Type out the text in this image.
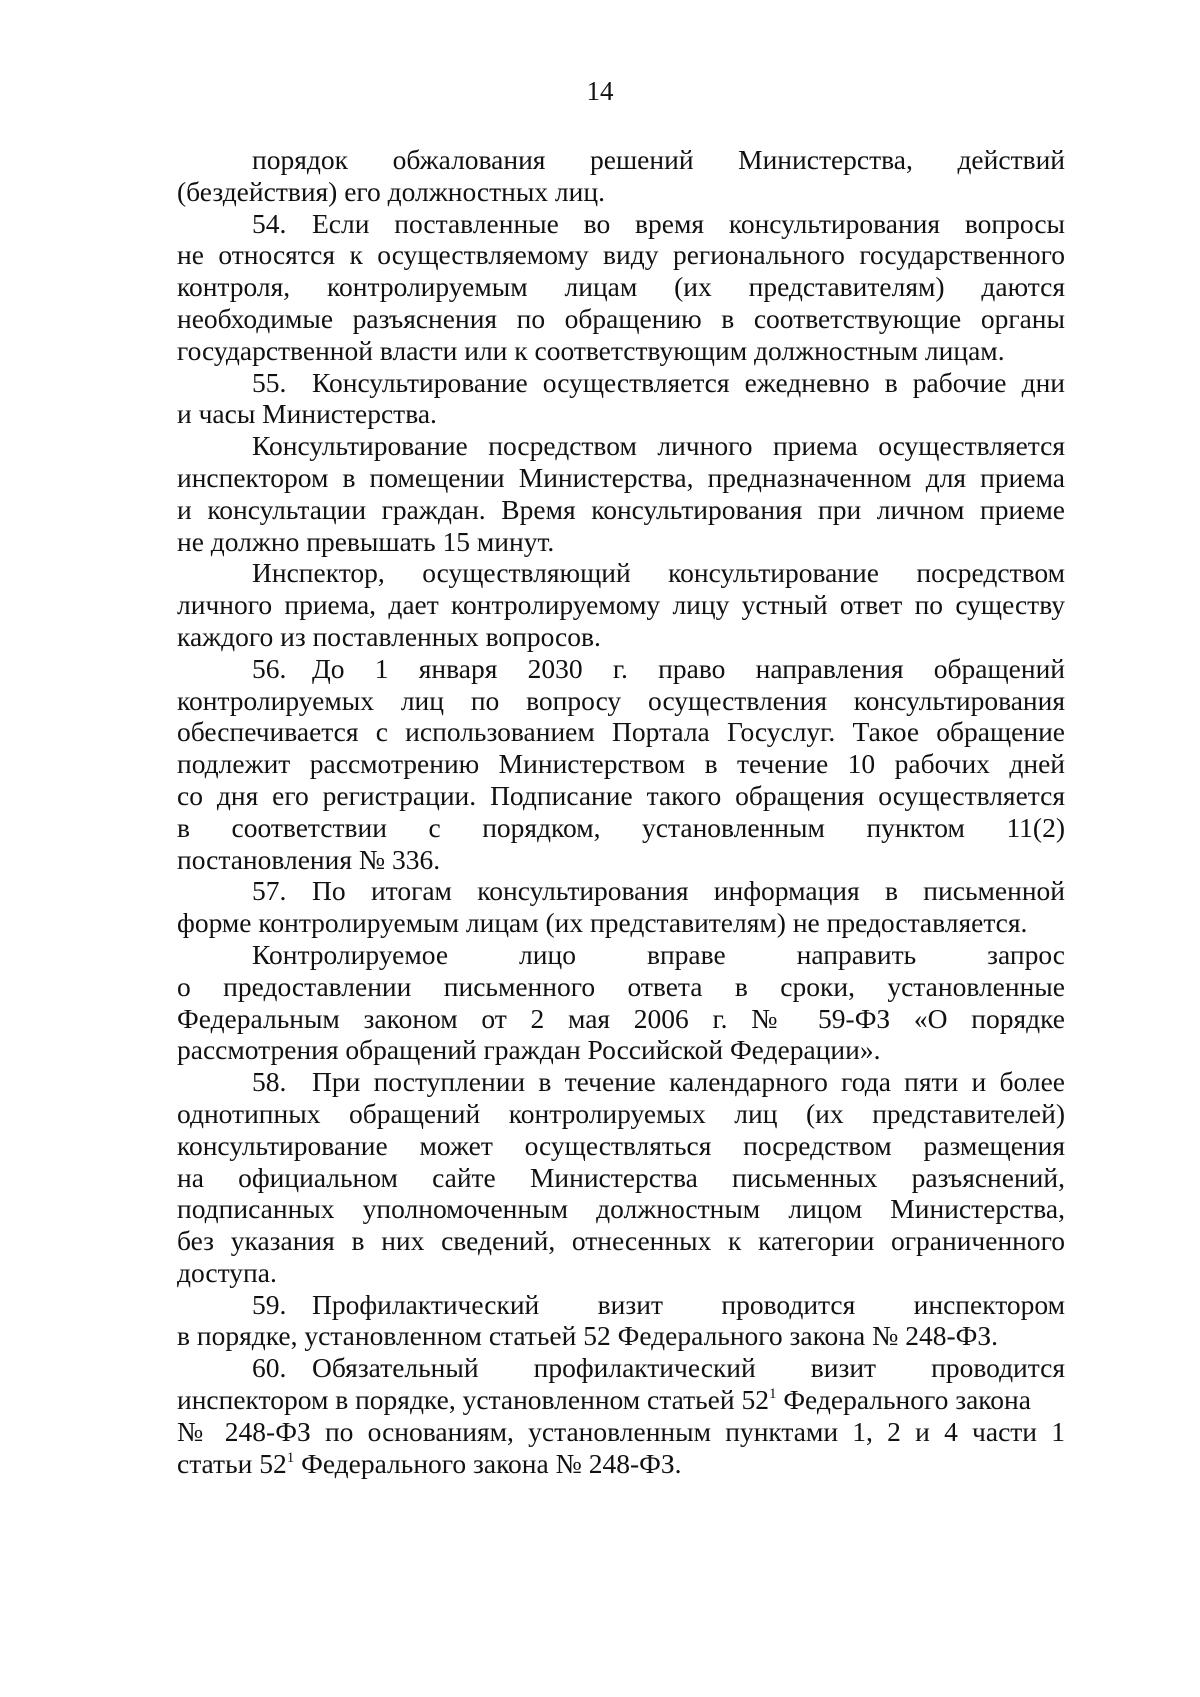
14
порядок обжалования решений Министерства, действий
(бездействия) его должностных лиц.
54. Если поставленные во время консультирования вопросы
не относятся к осуществляемому виду регионального государственного
контроля, контролируемым лицам (их представителям) даются
необходимые разъяснения по обращению в соответствующие органы
государственной власти или к соответствующим должностным лицам.
55. Консультирование осуществляется ежедневно в рабочие дни
и часы Министерства.
Консультирование посредством личного приема осуществляется
инспектором в помещении Министерства, предназначенном для приема
и консультации граждан. Время консультирования при личном приеме
не должно превышать 15 минут.
Инспектор, осуществляющий консультирование посредством
личного приема, дает контролируемому лицу устный ответ по существу
каждого из поставленных вопросов.
56. До 1 января 2030 г. право направления обращений
контролируемых лиц по вопросу осуществления консультирования
обеспечивается с использованием Портала Госуслуг. Такое обращение
подлежит рассмотрению Министерством в течение 10 рабочих дней
со дня его регистрации. Подписание такого обращения осуществляется
в соответствии с порядком, установленным пунктом 11(2)
постановления № 336.
57. По итогам консультирования информация в письменной
форме контролируемым лицам (их представителям) не предоставляется.
Контролируемое лицо вправе направить запрос
о предоставлении письменного ответа в сроки, установленные
Федеральным законом от 2 мая 2006 г. № 59-ФЗ «О порядке
рассмотрения обращений граждан Российской Федерации».
58. При поступлении в течение календарного года пяти и более
однотипных обращений контролируемых лиц (их представителей)
консультирование может осуществляться посредством размещения
на официальном сайте Министерства письменных разъяснений,
подписанных уполномоченным должностным лицом Министерства,
без указания в них сведений, отнесенных к категории ограниченного
доступа.
59. Профилактический визит проводится инспектором
в порядке, установленном статьей 52 Федерального закона № 248-ФЗ.
60. Обязательный профилактический визит проводится
инспектором в порядке, установленном статьей $52^1$ Федерального закона
№ 248-ФЗ по основаниям, установленным пунктами 1, 2 и 4 части 1
статьи $52^1$ Федерального закона № 248-ФЗ.
